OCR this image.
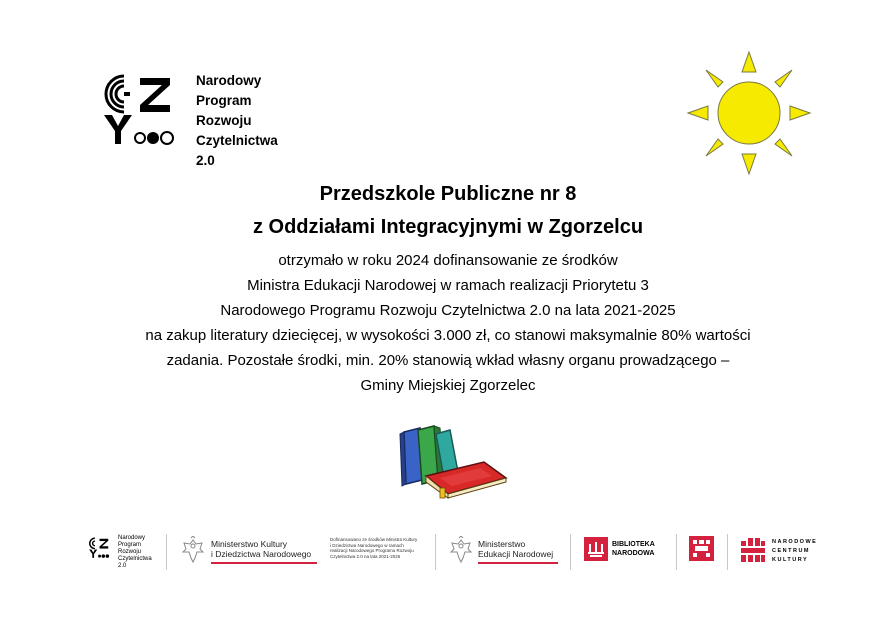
Narodowy
Program
Rozwoju
Czytelnictwa
2.0
Przedszkole Publiczne nr 8
z Oddziałami Integracyjnymi w Zgorzelcu
otrzymało w roku 2024 dofinansowanie ze środków
Ministra Edukacji Narodowej w ramach realizacji Priorytetu 3
Narodowego Programu Rozwoju Czytelnictwa 2.0 na lata 2021-2025
na zakup literatury dziecięcej, w wysokości 3.000 zł, co stanowi maksymalnie 80% wartości
zadania. Pozostałe środki, min. 20% stanowią wkład własny organu prowadzącego –
Gminy Miejskiej Zgorzelec
Narodowy
Program
Rozwoju
Czytelnictwa
2.0
Ministerstwo Kultury
i Dziedzictwa Narodowego
Dofinansowano ze środków Ministra Kultury
i Dziedzictwa Narodowego w ramach
realizacji Narodowego Programu Rozwoju
Czytelnictwa 2.0 na lata 2021-2025
Ministerstwo
Edukacji Narodowej
BIBLIOTEKA
NARODOWA
NARODOWE
CENTRUM
KULTURY
